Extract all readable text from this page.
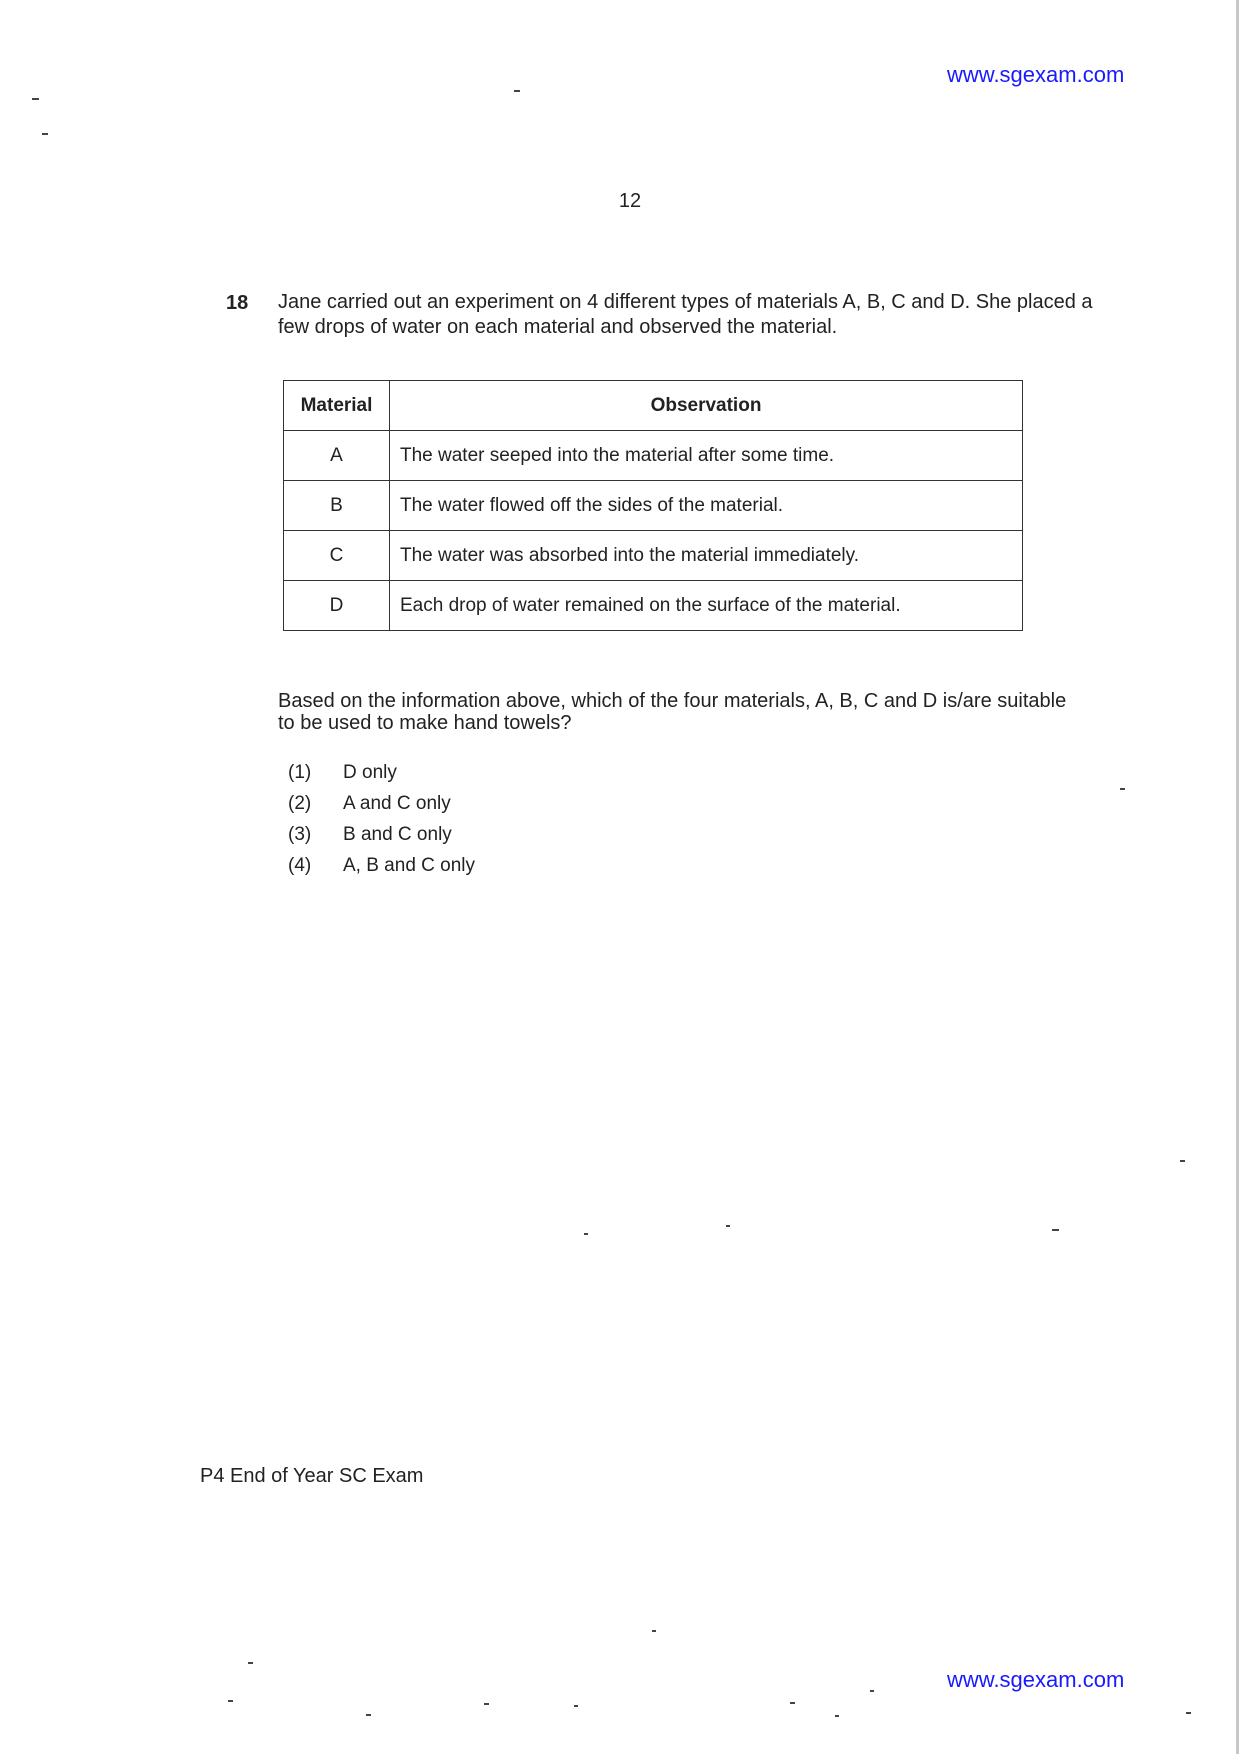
www.sgexam.com
12
18 Jane carried out an experiment on 4 different types of materials A, B, C and D. She placed a few drops of water on each material and observed the material.
Material	Observation
A	The water seeped into the material after some time.
B	The water flowed off the sides of the material.
C	The water was absorbed into the material immediately.
D	Each drop of water remained on the surface of the material.
Based on the information above, which of the four materials, A, B, C and D is/are suitable to be used to make hand towels?
(1)	D only
(2)	A and C only
(3)	B and C only
(4)	A, B and C only
P4 End of Year SC Exam
www.sgexam.com
